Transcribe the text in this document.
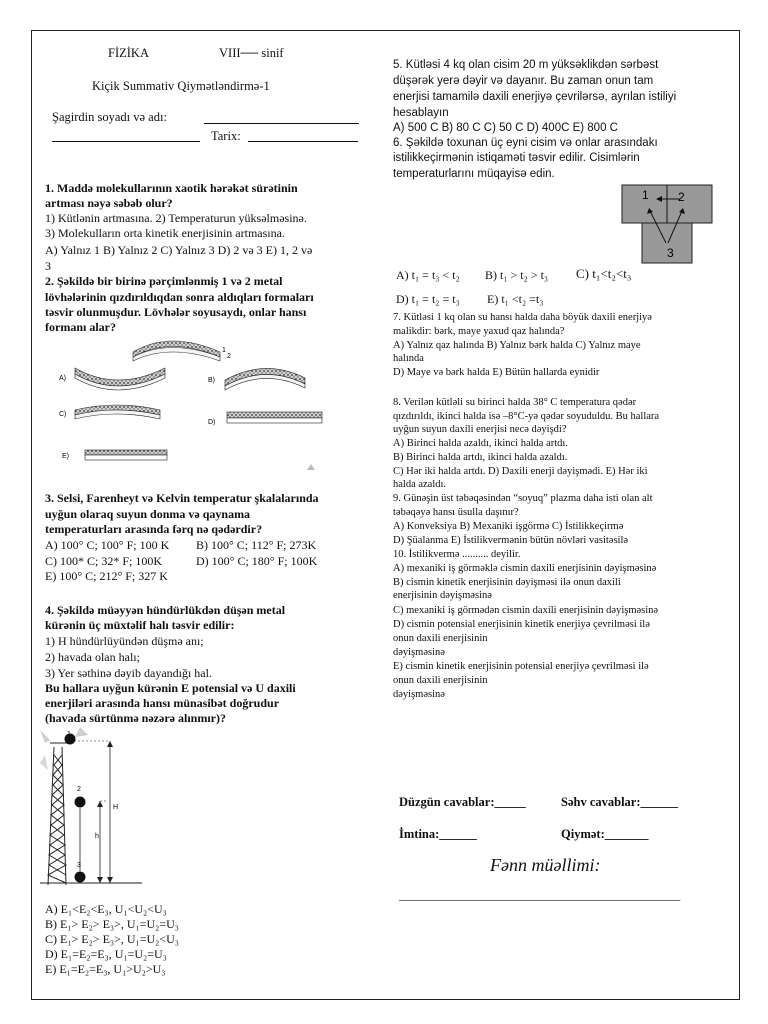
FİZİKA	VIII── sinif
Kiçik Summativ Qiymətləndirmə-1
Şagirdin soyadı və adı:
Tarix:
1. Maddə molekullarının xaotik hərəkət sürətinin
artması nəyə səbəb olur?
1) Kütlənin artmasına. 2) Temperaturun yüksəlməsinə.
3) Molekulların orta kinetik enerjisinin artmasına.
A) Yalnız 1 B) Yalnız 2 C) Yalnız 3 D) 2 və 3 E) 1, 2 və
3
2. Şəkildə bir birinə pərçimlənmiş 1 və 2 metal
lövhələrinin qızdırıldıqdan sonra aldıqları formaları
təsvir olunmuşdur. Lövhələr soyusaydı, onlar hansı
formanı alar?
1
2
A)	B)
C)
D)
E)
3. Selsi, Farenheyt və Kelvin temperatur şkalalarında
uyğun olaraq suyun donma və qaynama
temperaturları arasında fərq nə qədərdir?
A) 100° C; 100° F; 100 K B) 100° C; 112° F; 273K
C) 100* C; 32* F; 100K	D) 100° C; 180° F; 100K
E) 100° C; 212° F; 327 K
4. Şəkildə müəyyən hündürlükdən düşən metal
kürənin üç müxtəlif halı təsvir edilir:
1) H hündürlüyündən düşmə anı;
2) havada olan halı;
3) Yer səthinə dəyib dayandığı hal.
Bu hallara uyğun kürənin E potensial və U daxili
enerjiləri arasında hansı münasibət doğrudur
(havada sürtünmə nəzərə alınmır)?
1
2
3
H
h
A) E₁<E₂<E₃, U₁<U₂<U₃
B) E₁> E₂> E₃>, U₁=U₂=U₃
C) E₁> E₂> E₃>, U₁=U₂<U₃
D) E₁=E₂=E₃, U₁=U₂=U₃
E) E₁=E₂=E₃, U₁>U₂>U₃
5. Kütləsi 4 kq olan cisim 20 m yüksəklikdən sərbəst
düşərək yerə dəyir və dayanır. Bu zaman onun tam
enerjisi tamamilə daxili enerjiyə çevrilərsə, ayrılan istiliyi
hesablayın
A) 500 C B) 80 C C) 50 C D) 400C E) 800 C
6. Şəkildə toxunan üç eyni cisim və onlar arasındakı
istilikkeçirmənin istiqaməti təsvir edilir. Cisimlərin
temperaturlarını müqayisə edin.
1 2
3
A) t₁ = t₃ < t₂ B) t₁ > t₂ > t₃ C) t₁<t₂<t₃
D) t₁ = t₂ = t₃ E) t₁ <t₂ =t₃
7. Kütləsi 1 kq olan su hansı halda daha böyük daxili enerjiyə
malikdir: bərk, maye yaxud qaz halında?
A) Yalnız qaz halında B) Yalnız bərk halda C) Yalnız maye
halında
D) Maye və bərk halda E) Bütün hallarda eynidir
8. Verilən kütləli su birinci halda 38° C temperatura qədər
qızdırıldı, ikinci halda isə –8°C-yə qədər soyuduldu. Bu hallara
uyğun suyun daxili enerjisi necə dəyişdi?
A) Birinci halda azaldı, ikinci halda artdı.
B) Birinci halda artdı, ikinci halda azaldı.
C) Hər iki halda artdı. D) Daxili enerji dəyişmədi. E) Hər iki
halda azaldı.
9. Günəşin üst təbəqəsindən “soyuq” plazma daha isti olan alt
təbəqəyə hansı üsulla daşınır?
A) Konveksiya B) Mexaniki işgörmə C) İstilikkeçirmə
D) Şüalanma E) İstilikvermənin bütün növləri vasitəsilə
10. İstilikvermə .......... deyilir.
A) mexaniki iş görməklə cismin daxili enerjisinin dəyişməsinə
B) cismin kinetik enerjisinin dəyişməsi ilə onun daxili
enerjisinin dəyişməsinə
C) mexaniki iş görmədən cismin daxili enerjisinin dəyişməsinə
D) cismin potensial enerjisinin kinetik enerjiyə çevrilməsi ilə
onun daxili enerjisinin
dəyişməsinə
E) cismin kinetik enerjisinin potensial enerjiyə çevrilməsi ilə
onun daxili enerjisinin
dəyişməsinə
Düzgün cavablar:_____	Səhv cavablar:______
İmtina:______	Qiymət:_______
Fənn müəllimi:
_____________________________________________
